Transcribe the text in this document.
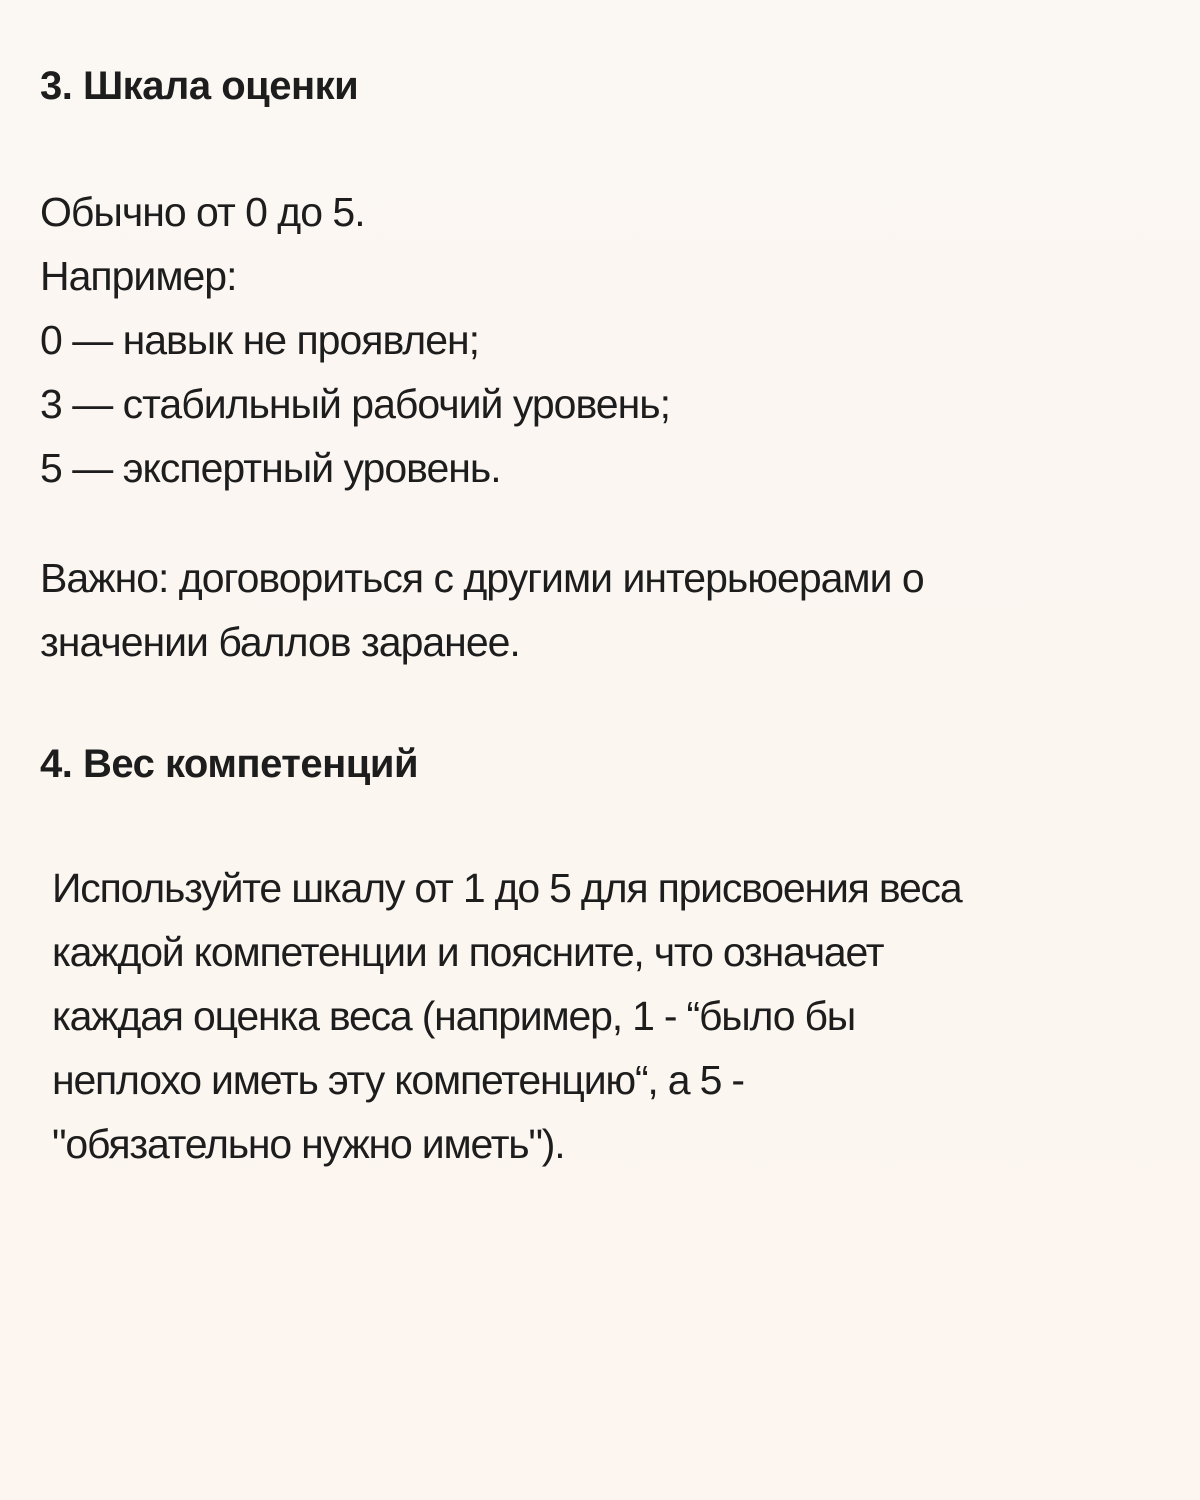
3. Шкала оценки
Обычно от 0 до 5.
Например:
0 — навык не проявлен;
3 — стабильный рабочий уровень;
5 — экспертный уровень.
Важно: договориться с другими интерьюерами о
значении баллов заранее.
4. Вес компетенций
Используйте шкалу от 1 до 5 для присвоения веса
каждой компетенции и поясните, что означает
каждая оценка веса (например, 1 - “было бы
неплохо иметь эту компетенцию“, а 5 -
"обязательно нужно иметь").
